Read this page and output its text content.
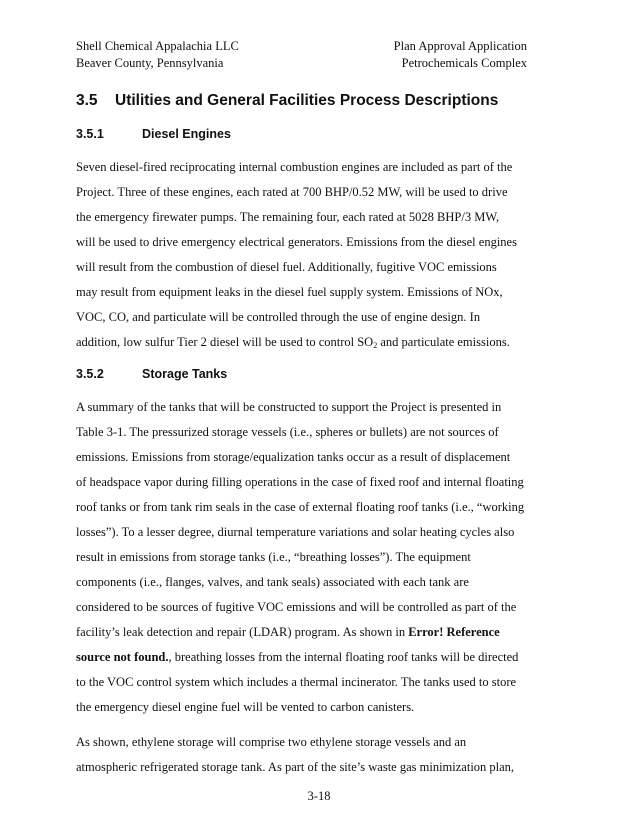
Shell Chemical Appalachia LLC
Beaver County, Pennsylvania
Plan Approval Application
Petrochemicals Complex
3.5	Utilities and General Facilities Process Descriptions
3.5.1	Diesel Engines

Seven diesel-fired reciprocating internal combustion engines are included as part of the
Project. Three of these engines, each rated at 700 BHP/0.52 MW, will be used to drive
the emergency firewater pumps. The remaining four, each rated at 5028 BHP/3 MW,
will be used to drive emergency electrical generators. Emissions from the diesel engines
will result from the combustion of diesel fuel. Additionally, fugitive VOC emissions
may result from equipment leaks in the diesel fuel supply system. Emissions of NOx,
VOC, CO, and particulate will be controlled through the use of engine design. In
addition, low sulfur Tier 2 diesel will be used to control $SO_2$ and particulate emissions.

3.5.2	Storage Tanks

A summary of the tanks that will be constructed to support the Project is presented in
Table 3-1. The pressurized storage vessels (i.e., spheres or bullets) are not sources of
emissions. Emissions from storage/equalization tanks occur as a result of displacement
of headspace vapor during filling operations in the case of fixed roof and internal floating
roof tanks or from tank rim seals in the case of external floating roof tanks (i.e., “working
losses”). To a lesser degree, diurnal temperature variations and solar heating cycles also
result in emissions from storage tanks (i.e., “breathing losses”). The equipment
components (i.e., flanges, valves, and tank seals) associated with each tank are
considered to be sources of fugitive VOC emissions and will be controlled as part of the
facility’s leak detection and repair (LDAR) program. As shown in Error! Reference
source not found., breathing losses from the internal floating roof tanks will be directed
to the VOC control system which includes a thermal incinerator. The tanks used to store
the emergency diesel engine fuel will be vented to carbon canisters.

As shown, ethylene storage will comprise two ethylene storage vessels and an
atmospheric refrigerated storage tank. As part of the site’s waste gas minimization plan,

3-18
